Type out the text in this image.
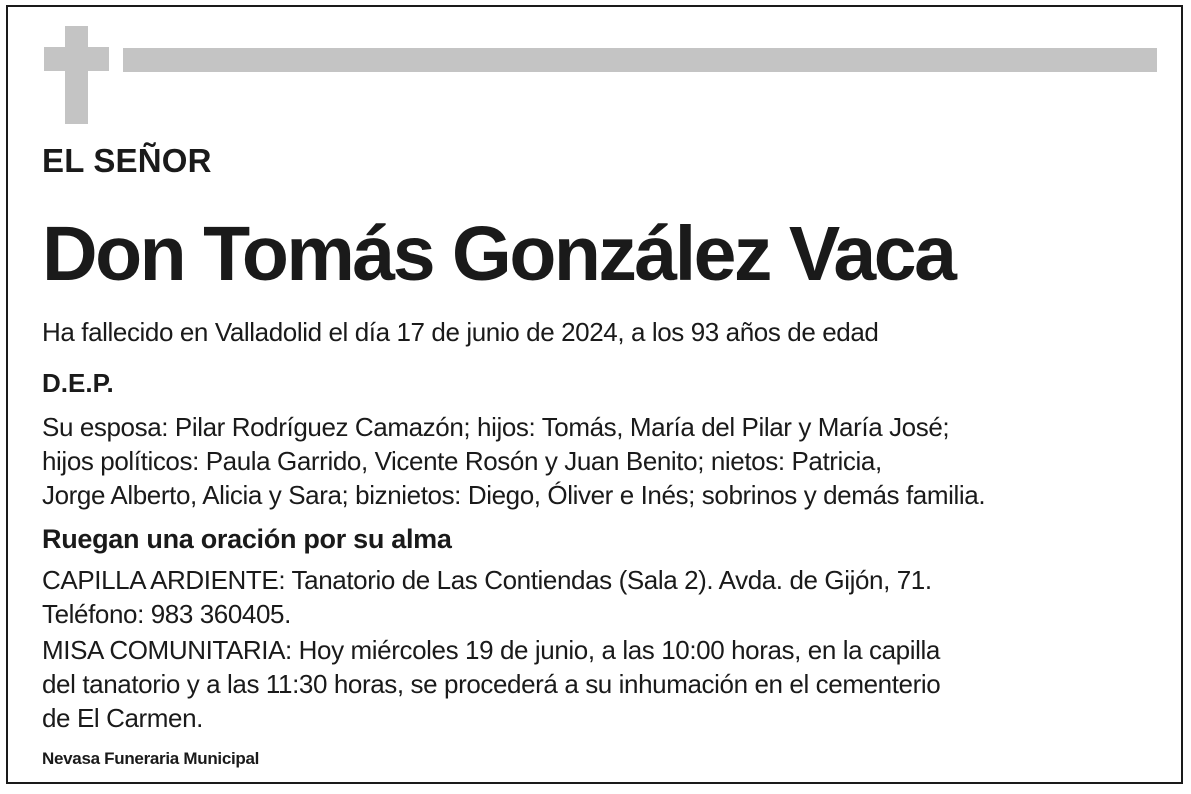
EL SEÑOR
Don Tomás González Vaca
Ha fallecido en Valladolid el día 17 de junio de 2024, a los 93 años de edad
D.E.P.
Su esposa: Pilar Rodríguez Camazón; hijos: Tomás, María del Pilar y María José;
hijos políticos: Paula Garrido, Vicente Rosón y Juan Benito; nietos: Patricia,
Jorge Alberto, Alicia y Sara; biznietos: Diego, Óliver e Inés; sobrinos y demás familia.
Ruegan una oración por su alma
CAPILLA ARDIENTE: Tanatorio de Las Contiendas (Sala 2). Avda. de Gijón, 71.
Teléfono: 983 360405.
MISA COMUNITARIA: Hoy miércoles 19 de junio, a las 10:00 horas, en la capilla
del tanatorio y a las 11:30 horas, se procederá a su inhumación en el cementerio
de El Carmen.
Nevasa Funeraria Municipal
